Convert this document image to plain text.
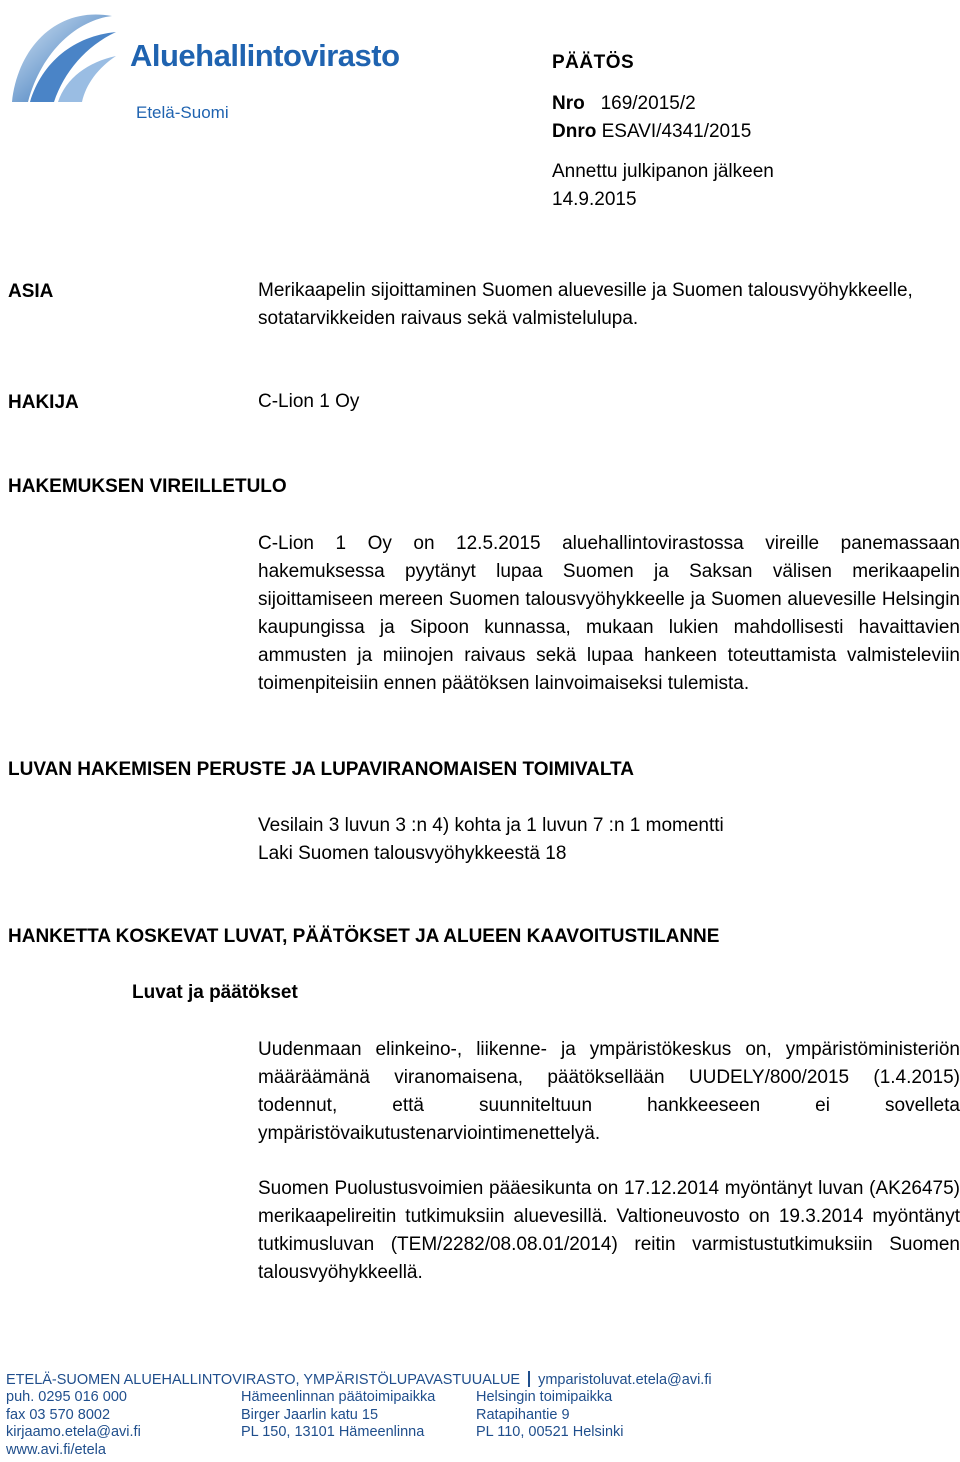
Aluehallintovirasto
Etelä-Suomi
PÄÄTÖS
Nro 169/2015/2
Dnro ESAVI/4341/2015
Annettu julkipanon jälkeen
14.9.2015
ASIA	Merikaapelin sijoittaminen Suomen aluevesille ja Suomen talousvyöhykkeelle, sotatarvikkeiden raivaus sekä valmistelulupa.
HAKIJA	C-Lion 1 Oy
HAKEMUKSEN VIREILLETULO
C-Lion 1 Oy on 12.5.2015 aluehallintovirastossa vireille panemassaan hakemuksessa pyytänyt lupaa Suomen ja Saksan välisen merikaapelin sijoittamiseen mereen Suomen talousvyöhykkeelle ja Suomen aluevesille Helsingin kaupungissa ja Sipoon kunnassa, mukaan lukien mahdollisesti havaittavien ammusten ja miinojen raivaus sekä lupaa hankeen toteuttamista valmisteleviin toimenpiteisiin ennen päätöksen lainvoimaiseksi tulemista.
LUVAN HAKEMISEN PERUSTE JA LUPAVIRANOMAISEN TOIMIVALTA
Vesilain 3 luvun 3 :n 4) kohta ja 1 luvun 7 :n 1 momentti
Laki Suomen talousvyöhykkeestä 18
HANKETTA KOSKEVAT LUVAT, PÄÄTÖKSET JA ALUEEN KAAVOITUSTILANNE
Luvat ja päätökset
Uudenmaan elinkeino-, liikenne- ja ympäristökeskus on, ympäristöministeriön määräämänä viranomaisena, päätöksellään UUDELY/800/2015 (1.4.2015) todennut, että suunniteltuun hankkeeseen ei sovelleta ympäristövaikutustenarviointimenettelyä.
Suomen Puolustusvoimien pääesikunta on 17.12.2014 myöntänyt luvan (AK26475) merikaapelireitin tutkimuksiin aluevesillä. Valtioneuvosto on 19.3.2014 myöntänyt tutkimusluvan (TEM/2282/08.08.01/2014) reitin varmistustutkimuksiin Suomen talousvyöhykkeellä.
ETELÄ-SUOMEN ALUEHALLINTOVIRASTO, YMPÄRISTÖLUPAVASTUUALUE ymparistoluvat.etela@avi.fi
puh. 0295 016 000
fax 03 570 8002
kirjaamo.etela@avi.fi
www.avi.fi/etela
Hämeenlinnan päätoimipaikka
Birger Jaarlin katu 15
PL 150, 13101 Hämeenlinna
Helsingin toimipaikka
Ratapihantie 9
PL 110, 00521 Helsinki
